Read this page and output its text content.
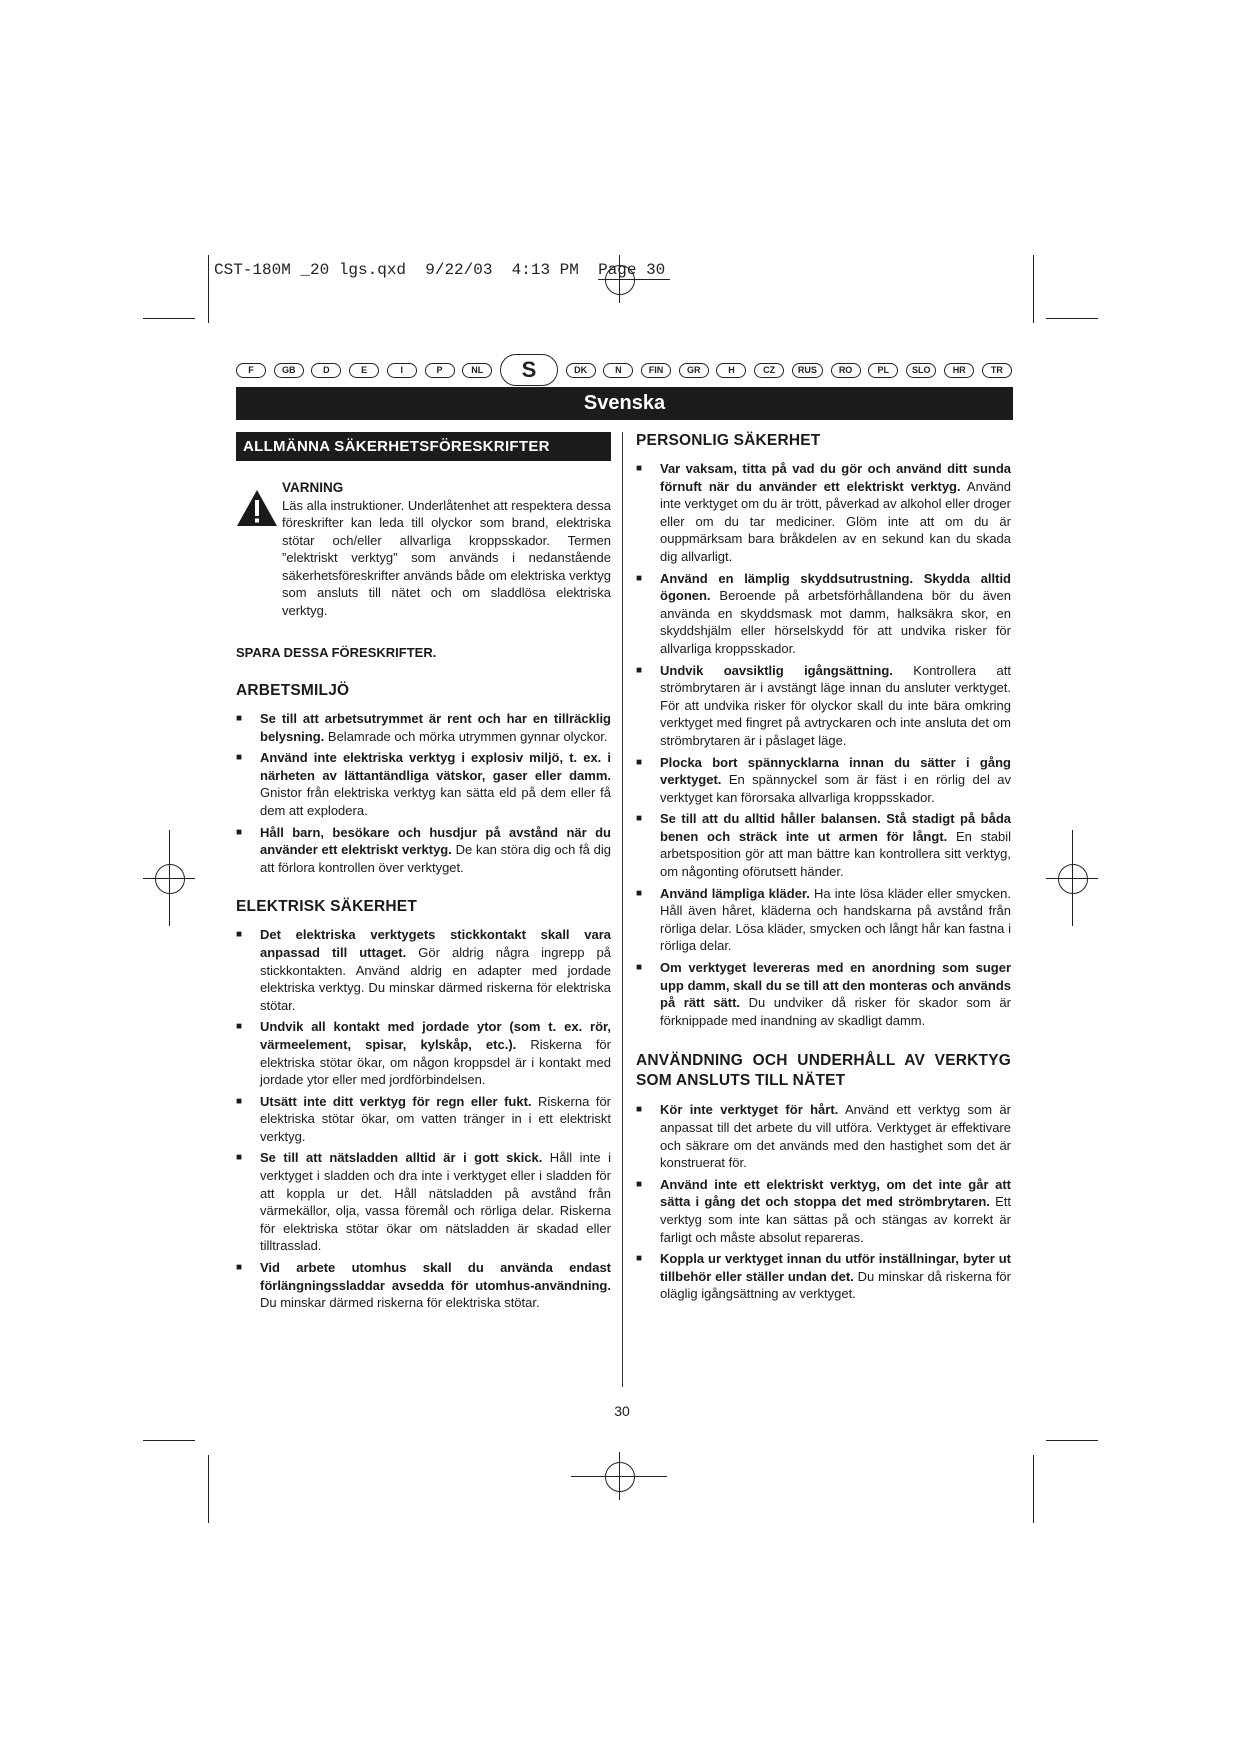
CST-180M _20 lgs.qxd  9/22/03  4:13 PM  Page 30
F	GB	D	E	I	P	NL	S	DK	N	FIN	GR	H	CZ	RUS	RO	PL	SLO	HR	TR
Svenska
ALLMÄNNA SÄKERHETSFÖRESKRIFTER
VARNING
Läs alla instruktioner. Underlåtenhet att respektera dessa föreskrifter kan leda till olyckor som brand, elektriska stötar och/eller allvarliga kroppsskador. Termen ”elektriskt verktyg” som används i nedanstående säkerhetsföreskrifter används både om elektriska verktyg som ansluts till nätet och om sladdlösa elektriska verktyg.
SPARA DESSA FÖRESKRIFTER.
ARBETSMILJÖ
■	Se till att arbetsutrymmet är rent och har en tillräcklig belysning. Belamrade och mörka utrymmen gynnar olyckor.
■	Använd inte elektriska verktyg i explosiv miljö, t. ex. i närheten av lättantändliga vätskor, gaser eller damm. Gnistor från elektriska verktyg kan sätta eld på dem eller få dem att explodera.
■	Håll barn, besökare och husdjur på avstånd när du använder ett elektriskt verktyg. De kan störa dig och få dig att förlora kontrollen över verktyget.
ELEKTRISK SÄKERHET
■	Det elektriska verktygets stickkontakt skall vara anpassad till uttaget. Gör aldrig några ingrepp på stickkontakten. Använd aldrig en adapter med jordade elektriska verktyg. Du minskar därmed riskerna för elektriska stötar.
■	Undvik all kontakt med jordade ytor (som t. ex. rör, värmeelement, spisar, kylskåp, etc.). Riskerna för elektriska stötar ökar, om någon kroppsdel är i kontakt med jordade ytor eller med jordförbindelsen.
■	Utsätt inte ditt verktyg för regn eller fukt. Riskerna för elektriska stötar ökar, om vatten tränger in i ett elektriskt verktyg.
■	Se till att nätsladden alltid är i gott skick. Håll inte i verktyget i sladden och dra inte i verktyget eller i sladden för att koppla ur det. Håll nätsladden på avstånd från värmekällor, olja, vassa föremål och rörliga delar. Riskerna för elektriska stötar ökar om nätsladden är skadad eller tilltrasslad.
■	Vid arbete utomhus skall du använda endast förlängningssladdar avsedda för utomhus-användning. Du minskar därmed riskerna för elektriska stötar.
PERSONLIG SÄKERHET
■	Var vaksam, titta på vad du gör och använd ditt sunda förnuft när du använder ett elektriskt verktyg. Använd inte verktyget om du är trött, påverkad av alkohol eller droger eller om du tar mediciner. Glöm inte att om du är ouppmärksam bara bråkdelen av en sekund kan du skada dig allvarligt.
■	Använd en lämplig skyddsutrustning. Skydda alltid ögonen. Beroende på arbetsförhållandena bör du även använda en skyddsmask mot damm, halksäkra skor, en skyddshjälm eller hörselskydd för att undvika risker för allvarliga kroppsskador.
■	Undvik oavsiktlig igångsättning. Kontrollera att strömbrytaren är i avstängt läge innan du ansluter verktyget. För att undvika risker för olyckor skall du inte bära omkring verktyget med fingret på avtryckaren och inte ansluta det om strömbrytaren är i påslaget läge.
■	Plocka bort spännycklarna innan du sätter i gång verktyget. En spännyckel som är fäst i en rörlig del av verktyget kan förorsaka allvarliga kroppsskador.
■	Se till att du alltid håller balansen. Stå stadigt på båda benen och sträck inte ut armen för långt. En stabil arbetsposition gör att man bättre kan kontrollera sitt verktyg, om någonting oförutsett händer.
■	Använd lämpliga kläder. Ha inte lösa kläder eller smycken. Håll även håret, kläderna och handskarna på avstånd från rörliga delar. Lösa kläder, smycken och långt hår kan fastna i rörliga delar.
■	Om verktyget levereras med en anordning som suger upp damm, skall du se till att den monteras och används på rätt sätt. Du undviker då risker för skador som är förknippade med inandning av skadligt damm.
ANVÄNDNING OCH UNDERHÅLL AV VERKTYG SOM ANSLUTS TILL NÄTET
■	Kör inte verktyget för hårt. Använd ett verktyg som är anpassat till det arbete du vill utföra. Verktyget är effektivare och säkrare om det används med den hastighet som det är konstruerat för.
■	Använd inte ett elektriskt verktyg, om det inte går att sätta i gång det och stoppa det med strömbrytaren. Ett verktyg som inte kan sättas på och stängas av korrekt är farligt och måste absolut repareras.
■	Koppla ur verktyget innan du utför inställningar, byter ut tillbehör eller ställer undan det. Du minskar då riskerna för oläglig igångsättning av verktyget.
30
